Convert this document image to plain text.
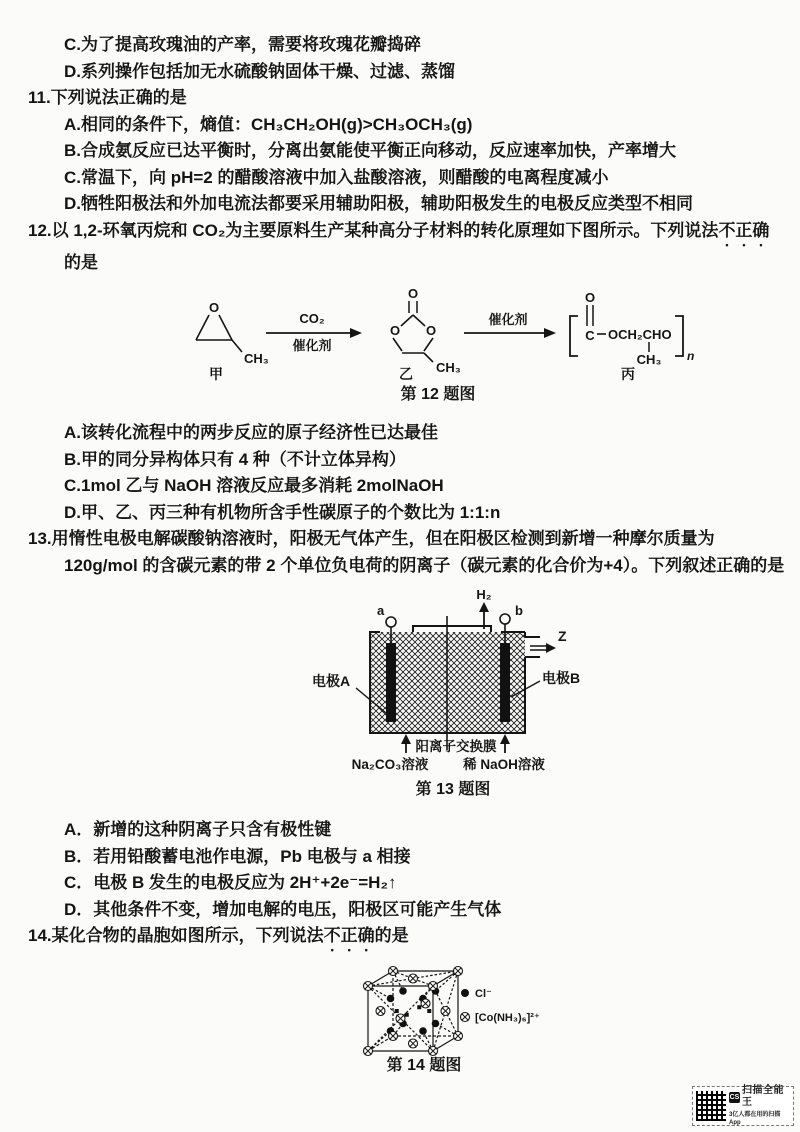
C.为了提高玫瑰油的产率，需要将玫瑰花瓣捣碎
D.系列操作包括加无水硫酸钠固体干燥、过滤、蒸馏
11.下列说法正确的是
A.相同的条件下，熵值：CH₃CH₂OH(g)>CH₃OCH₃(g)
B.合成氨反应已达平衡时，分离出氨能使平衡正向移动，反应速率加快，产率增大
C.常温下，向 pH=2 的醋酸溶液中加入盐酸溶液，则醋酸的电离程度减小
D.牺牲阳极法和外加电流法都要采用辅助阳极，辅助阳极发生的电极反应类型不相同
12.以 1,2-环氧丙烷和 CO₂为主要原料生产某种高分子材料的转化原理如下图所示。下列说法不正确
的是
O
CH₃
甲
CO₂
催化剂
O
O O
CH₃
乙
催化剂
O
C OCH₂CHO
n
CH₃
丙
第 12 题图
A.该转化流程中的两步反应的原子经济性已达最佳
B.甲的同分异构体只有 4 种（不计立体异构）
C.1mol 乙与 NaOH 溶液反应最多消耗 2molNaOH
D.甲、乙、丙三种有机物所含手性碳原子的个数比为 1:1:n
13.用惰性电极电解碳酸钠溶液时，阳极无气体产生，但在阳极区检测到新增一种摩尔质量为
120g/mol 的含碳元素的带 2 个单位负电荷的阴离子（碳元素的化合价为+4）。下列叙述正确的是
a	b
H₂
Z
电极A	电极B
阳离子交换膜
Na₂CO₃溶液	稀 NaOH溶液
第 13 题图
A．新增的这种阴离子只含有极性键
B．若用铅酸蓄电池作电源，Pb 电极与 a 相接
C．电极 B 发生的电极反应为 2H⁺+2e⁻=H₂↑
D．其他条件不变，增加电解的电压，阳极区可能产生气体
14.某化合物的晶胞如图所示，下列说法不正确的是
Cl⁻
[Co(NH₃)₆]²⁺
第 14 题图
CS
扫描全能王
3亿人都在用的扫描App
